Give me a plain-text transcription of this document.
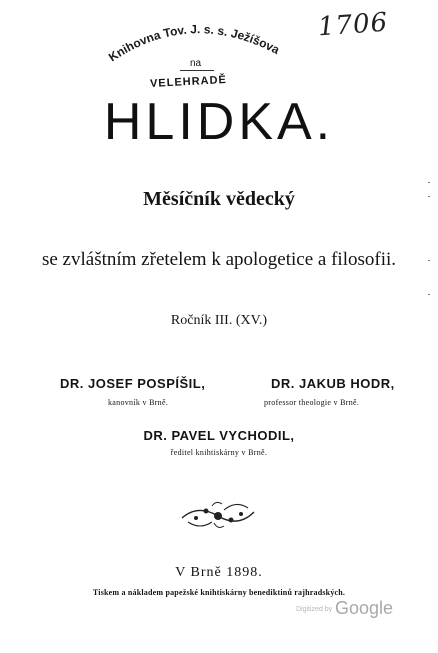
1706
Knihovna Tov. J. s. s. Ježíšova
na
VELEHRADĚ
HLIDKA.
Měsíčník vědecký
se zvláštním zřetelem k apologetice a filosofii.
Ročník III. (XV.)
DR. JOSEF POSPÍŠIL,
kanovník v Brně.
DR. JAKUB HODR,
professor theologie v Brně.
DR. PAVEL VYCHODIL,
ředitel knihtiskárny v Brně.
V Brně 1898.
Tiskem a nákladem papežské knihtiskárny benediktinů rajhradských.
Digitized by Google
